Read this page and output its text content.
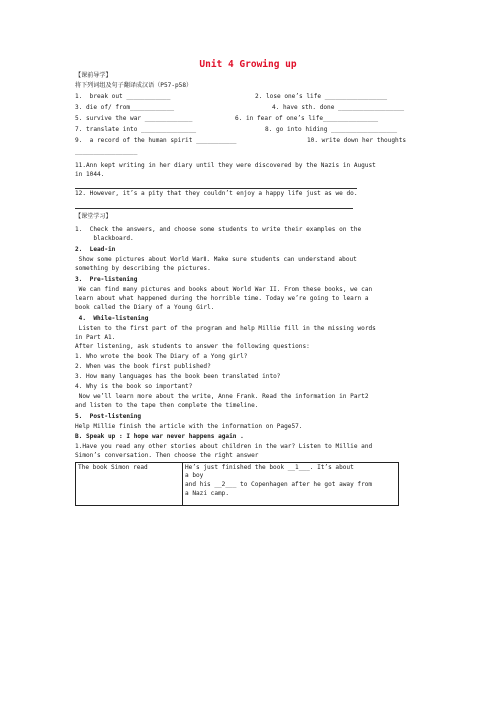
Unit 4 Growing up
【课前导学】
将下列词组及句子翻译成汉语（P57-p58）
1.  break out ____________	2. lose one’s life _________________
3. die of/ from____________	4. have sth. done __________________
5. survive the war _____________	6. in fear of one’s life_______________
7. translate into _______________	8. go into hiding __________________
9.  a record of the human spirit ___________	10. write down her thoughts
_________________
11.Ann kept writing in her diary until they were discovered by the Nazis in August
in 1044.
12. However, it’s a pity that they couldn’t enjoy a happy life just as we do.
【课堂学习】
1.  Check the answers, and choose some students to write their examples on the
blackboard.
2.  Lead-in
Show some pictures about World WarⅡ. Make sure students can understand about
something by describing the pictures.
3.  Pre-listening
We can find many pictures and books about World War II. From these books, we can
learn about what happened during the horrible time. Today we’re going to learn a
book called the Diary of a Young Girl.
4.  While-listening
Listen to the first part of the program and help Millie fill in the missing words
in Part A1.
After listening, ask students to answer the following questions:
1. Who wrote the book The Diary of a Yong girl?
2. When was the book first published?
3. How many languages has the book been translated into?
4. Why is the book so important?
Now we’ll learn more about the write, Anne Frank. Read the information in Part2
and listen to the tape then complete the timeline.
5.  Post-listening
Help Millie finish the article with the information on Page57.
B. Speak up : I hope war never happens again .
1.Have you read any other stories about children in the war? Listen to Millie and
Simon’s conversation. Then choose the right answer
The book Simon read	He’s just finished the book __1___. It’s about
a boy
and his __2___ to Copenhagen after he got away from
a Nazi camp.
